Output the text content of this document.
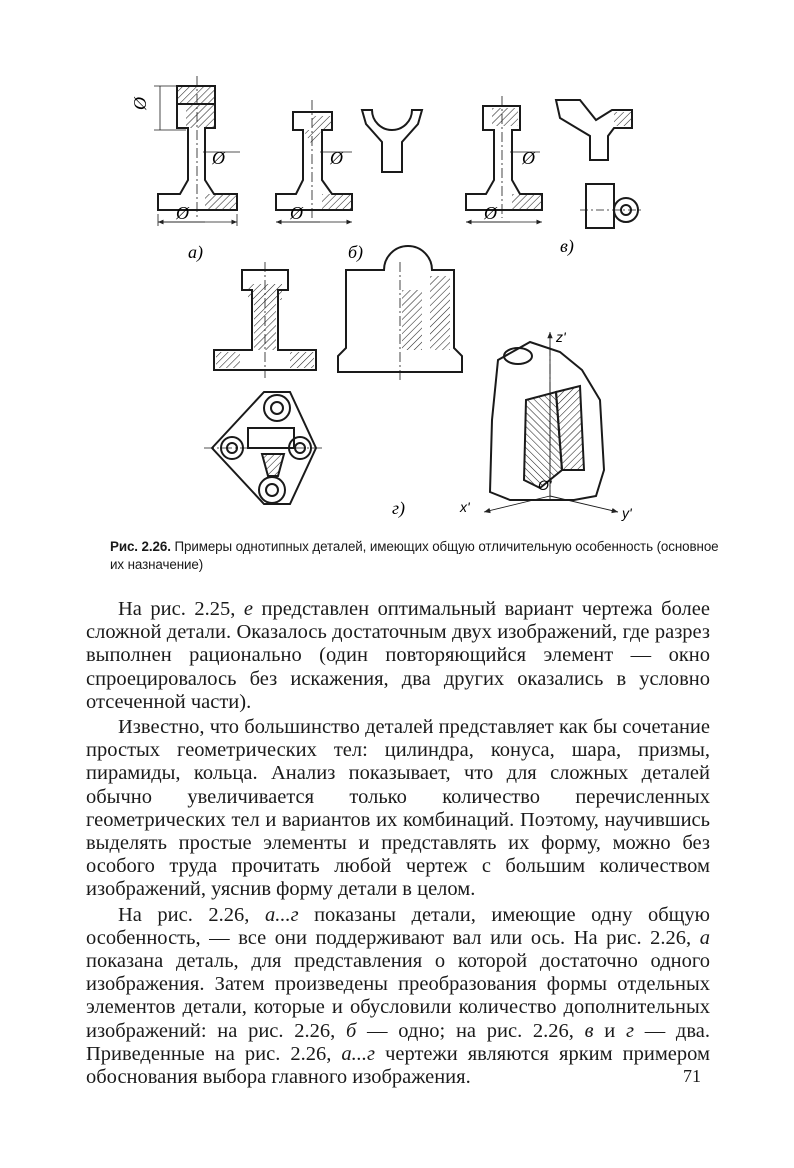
Ø
Ø
Ø
Ø
Ø
Ø
Ø
а)	б)	в)
г)
z'
x'	y'
O'
Рис. 2.26. Примеры однотипных деталей, имеющих общую отличительную особенность (основное их назначение)

На рис. 2.25, е представлен оптимальный вариант чертежа более сложной детали. Оказалось достаточным двух изображений, где разрез выполнен рационально (один повторяющийся элемент — окно спроецировалось без искажения, два других оказались в условно отсеченной части).

Известно, что большинство деталей представляет как бы сочетание простых геометрических тел: цилиндра, конуса, шара, призмы, пирамиды, кольца. Анализ показывает, что для сложных деталей обычно увеличивается только количество перечисленных геометрических тел и вариантов их комбинаций. Поэтому, научившись выделять простые элементы и представлять их форму, можно без особого труда прочитать любой чертеж с большим количеством изображений, уяснив форму детали в целом.

На рис. 2.26, а...г показаны детали, имеющие одну общую особенность, — все они поддерживают вал или ось. На рис. 2.26, а показана деталь, для представления о которой достаточно одного изображения. Затем произведены преобразования формы отдельных элементов детали, которые и обусловили количество дополнительных изображений: на рис. 2.26, б — одно; на рис. 2.26, в и г — два. Приведенные на рис. 2.26, а...г чертежи являются ярким примером обоснования выбора главного изображения.	71
